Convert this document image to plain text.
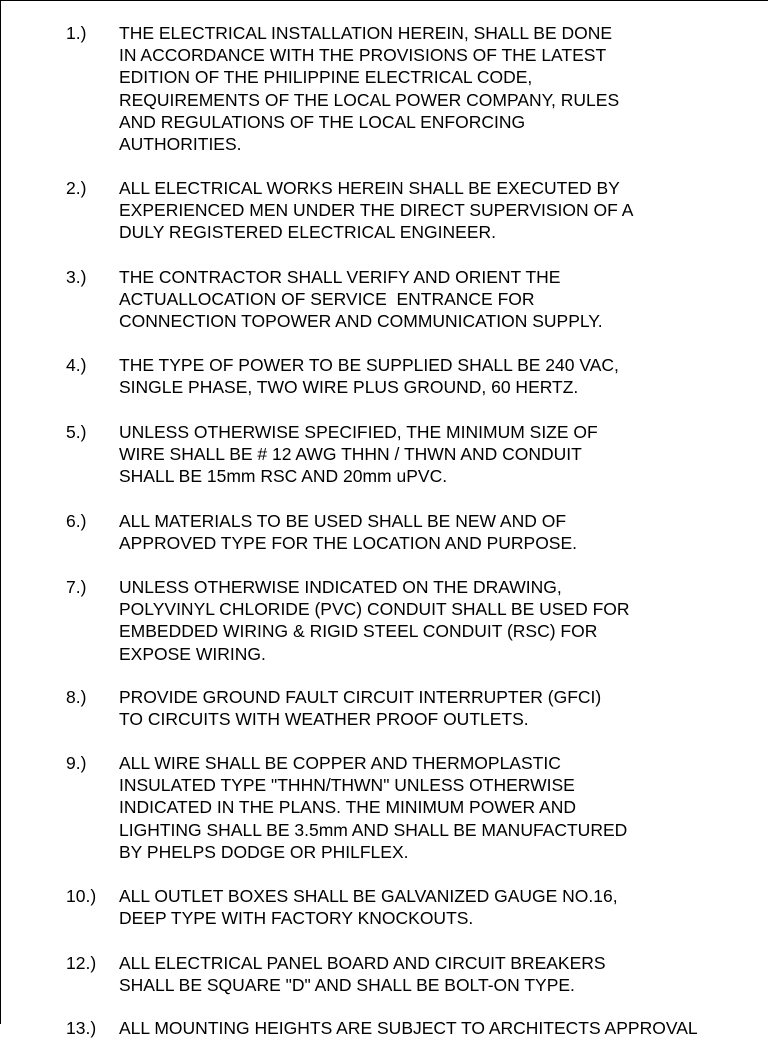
1.) THE ELECTRICAL INSTALLATION HEREIN, SHALL BE DONE
IN ACCORDANCE WITH THE PROVISIONS OF THE LATEST
EDITION OF THE PHILIPPINE ELECTRICAL CODE,
REQUIREMENTS OF THE LOCAL POWER COMPANY, RULES
AND REGULATIONS OF THE LOCAL ENFORCING
AUTHORITIES.
2.) ALL ELECTRICAL WORKS HEREIN SHALL BE EXECUTED BY
EXPERIENCED MEN UNDER THE DIRECT SUPERVISION OF A
DULY REGISTERED ELECTRICAL ENGINEER.
3.) THE CONTRACTOR SHALL VERIFY AND ORIENT THE
ACTUALLOCATION OF SERVICE  ENTRANCE FOR
CONNECTION TOPOWER AND COMMUNICATION SUPPLY.
4.) THE TYPE OF POWER TO BE SUPPLIED SHALL BE 240 VAC,
SINGLE PHASE, TWO WIRE PLUS GROUND, 60 HERTZ.
5.) UNLESS OTHERWISE SPECIFIED, THE MINIMUM SIZE OF
WIRE SHALL BE # 12 AWG THHN / THWN AND CONDUIT
SHALL BE 15mm RSC AND 20mm uPVC.
6.) ALL MATERIALS TO BE USED SHALL BE NEW AND OF
APPROVED TYPE FOR THE LOCATION AND PURPOSE.
7.) UNLESS OTHERWISE INDICATED ON THE DRAWING,
POLYVINYL CHLORIDE (PVC) CONDUIT SHALL BE USED FOR
EMBEDDED WIRING & RIGID STEEL CONDUIT (RSC) FOR
EXPOSE WIRING.
8.) PROVIDE GROUND FAULT CIRCUIT INTERRUPTER (GFCI)
TO CIRCUITS WITH WEATHER PROOF OUTLETS.
9.) ALL WIRE SHALL BE COPPER AND THERMOPLASTIC
INSULATED TYPE "THHN/THWN" UNLESS OTHERWISE
INDICATED IN THE PLANS. THE MINIMUM POWER AND
LIGHTING SHALL BE 3.5mm AND SHALL BE MANUFACTURED
BY PHELPS DODGE OR PHILFLEX.
10.) ALL OUTLET BOXES SHALL BE GALVANIZED GAUGE NO.16,
DEEP TYPE WITH FACTORY KNOCKOUTS.
12.) ALL ELECTRICAL PANEL BOARD AND CIRCUIT BREAKERS
SHALL BE SQUARE "D" AND SHALL BE BOLT-ON TYPE.
13.) ALL MOUNTING HEIGHTS ARE SUBJECT TO ARCHITECTS APPROVAL
